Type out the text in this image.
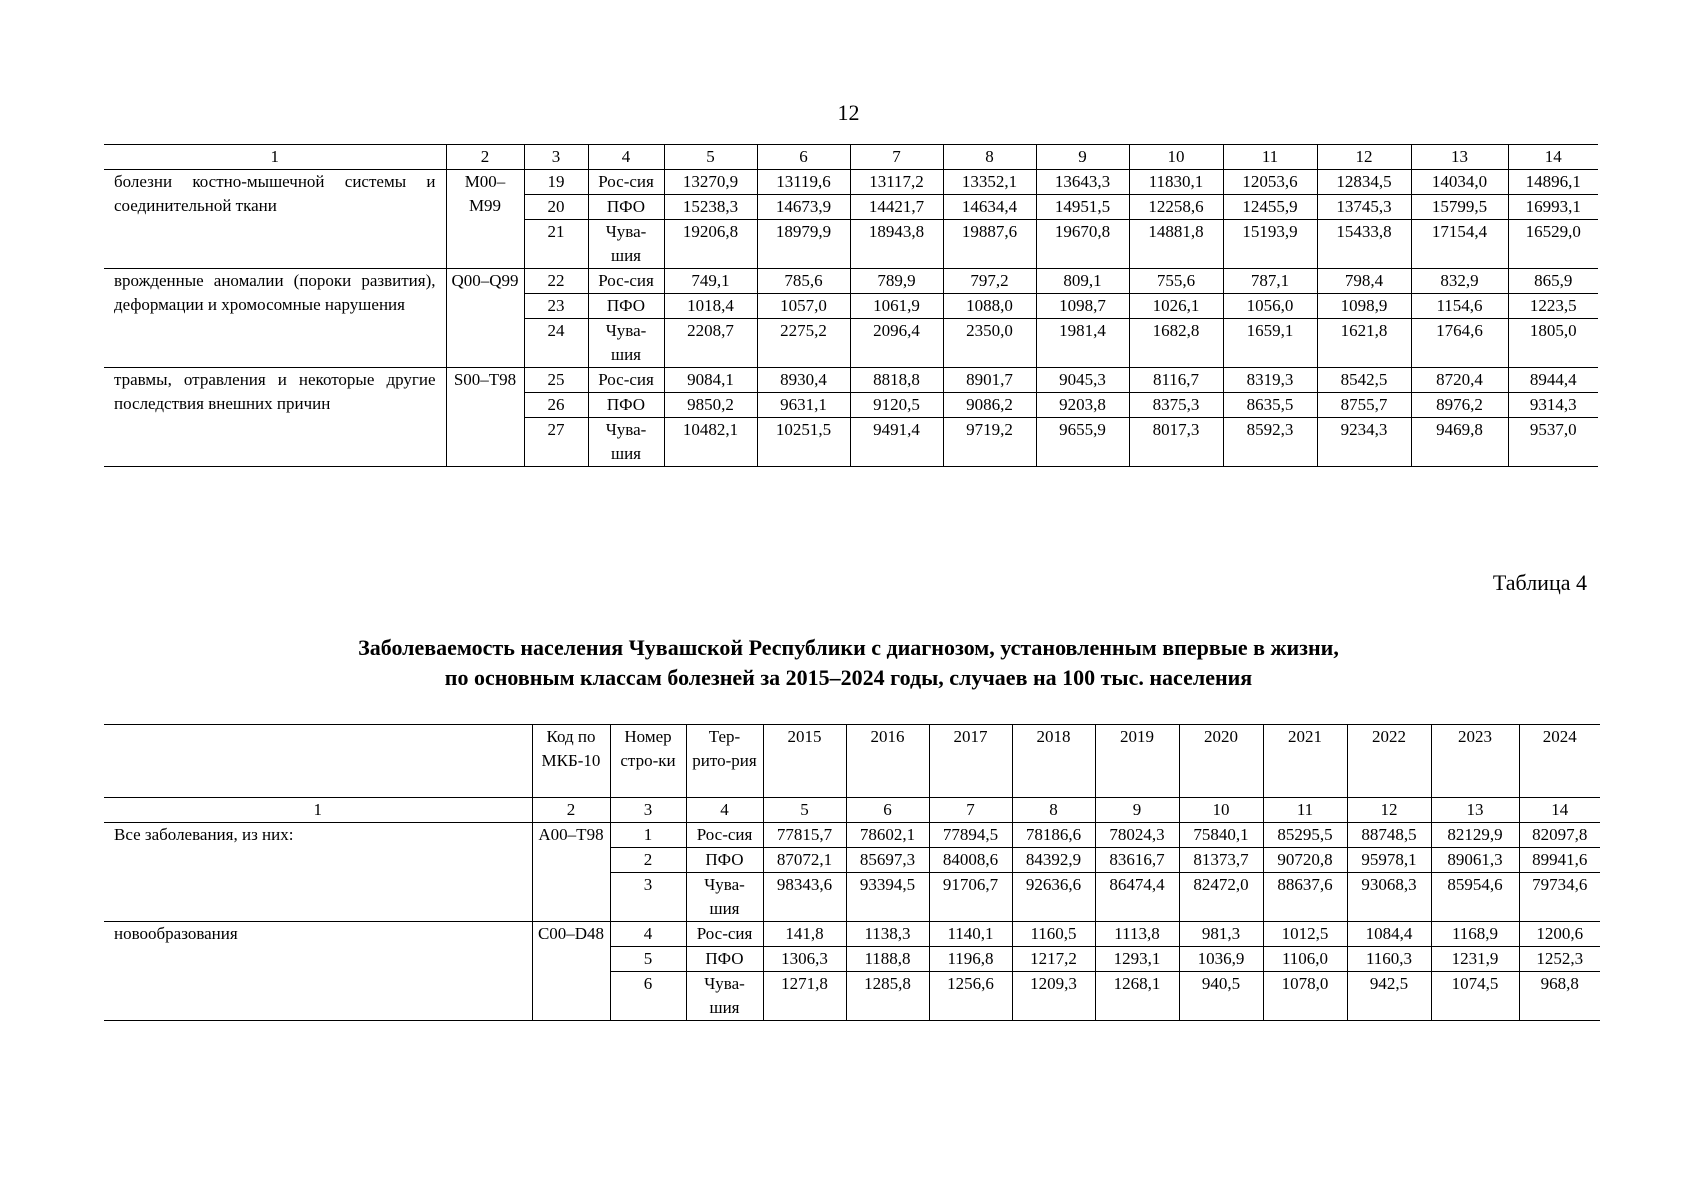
12
1	2	3	4	5	6	7	8	9	10	11	12	13	14
болезни костно-мышечной системы и соединительной ткани	M00–M99	19	Рос-сия	13270,9	13119,6	13117,2	13352,1	13643,3	11830,1	12053,6	12834,5	14034,0	14896,1
		20	ПФО	15238,3	14673,9	14421,7	14634,4	14951,5	12258,6	12455,9	13745,3	15799,5	16993,1
		21	Чува-шия	19206,8	18979,9	18943,8	19887,6	19670,8	14881,8	15193,9	15433,8	17154,4	16529,0
врожденные аномалии (пороки развития), деформации и хромосомные нарушения	Q00–Q99	22	Рос-сия	749,1	785,6	789,9	797,2	809,1	755,6	787,1	798,4	832,9	865,9
		23	ПФО	1018,4	1057,0	1061,9	1088,0	1098,7	1026,1	1056,0	1098,9	1154,6	1223,5
		24	Чува-шия	2208,7	2275,2	2096,4	2350,0	1981,4	1682,8	1659,1	1621,8	1764,6	1805,0
травмы, отравления и некоторые другие последствия внешних причин	S00–T98	25	Рос-сия	9084,1	8930,4	8818,8	8901,7	9045,3	8116,7	8319,3	8542,5	8720,4	8944,4
		26	ПФО	9850,2	9631,1	9120,5	9086,2	9203,8	8375,3	8635,5	8755,7	8976,2	9314,3
		27	Чува-шия	10482,1	10251,5	9491,4	9719,2	9655,9	8017,3	8592,3	9234,3	9469,8	9537,0
Таблица 4
Заболеваемость населения Чувашской Республики с диагнозом, установленным впервые в жизни,
по основным классам болезней за 2015–2024 годы, случаев на 100 тыс. населения
	Код по МКБ-10	Номер стро-ки	Тер-рито-рия	2015	2016	2017	2018	2019	2020	2021	2022	2023	2024
1	2	3	4	5	6	7	8	9	10	11	12	13	14
Все заболевания, из них:	A00–T98	1	Рос-сия	77815,7	78602,1	77894,5	78186,6	78024,3	75840,1	85295,5	88748,5	82129,9	82097,8
		2	ПФО	87072,1	85697,3	84008,6	84392,9	83616,7	81373,7	90720,8	95978,1	89061,3	89941,6
		3	Чува-шия	98343,6	93394,5	91706,7	92636,6	86474,4	82472,0	88637,6	93068,3	85954,6	79734,6
новообразования	C00–D48	4	Рос-сия	141,8	1138,3	1140,1	1160,5	1113,8	981,3	1012,5	1084,4	1168,9	1200,6
		5	ПФО	1306,3	1188,8	1196,8	1217,2	1293,1	1036,9	1106,0	1160,3	1231,9	1252,3
		6	Чува-шия	1271,8	1285,8	1256,6	1209,3	1268,1	940,5	1078,0	942,5	1074,5	968,8
